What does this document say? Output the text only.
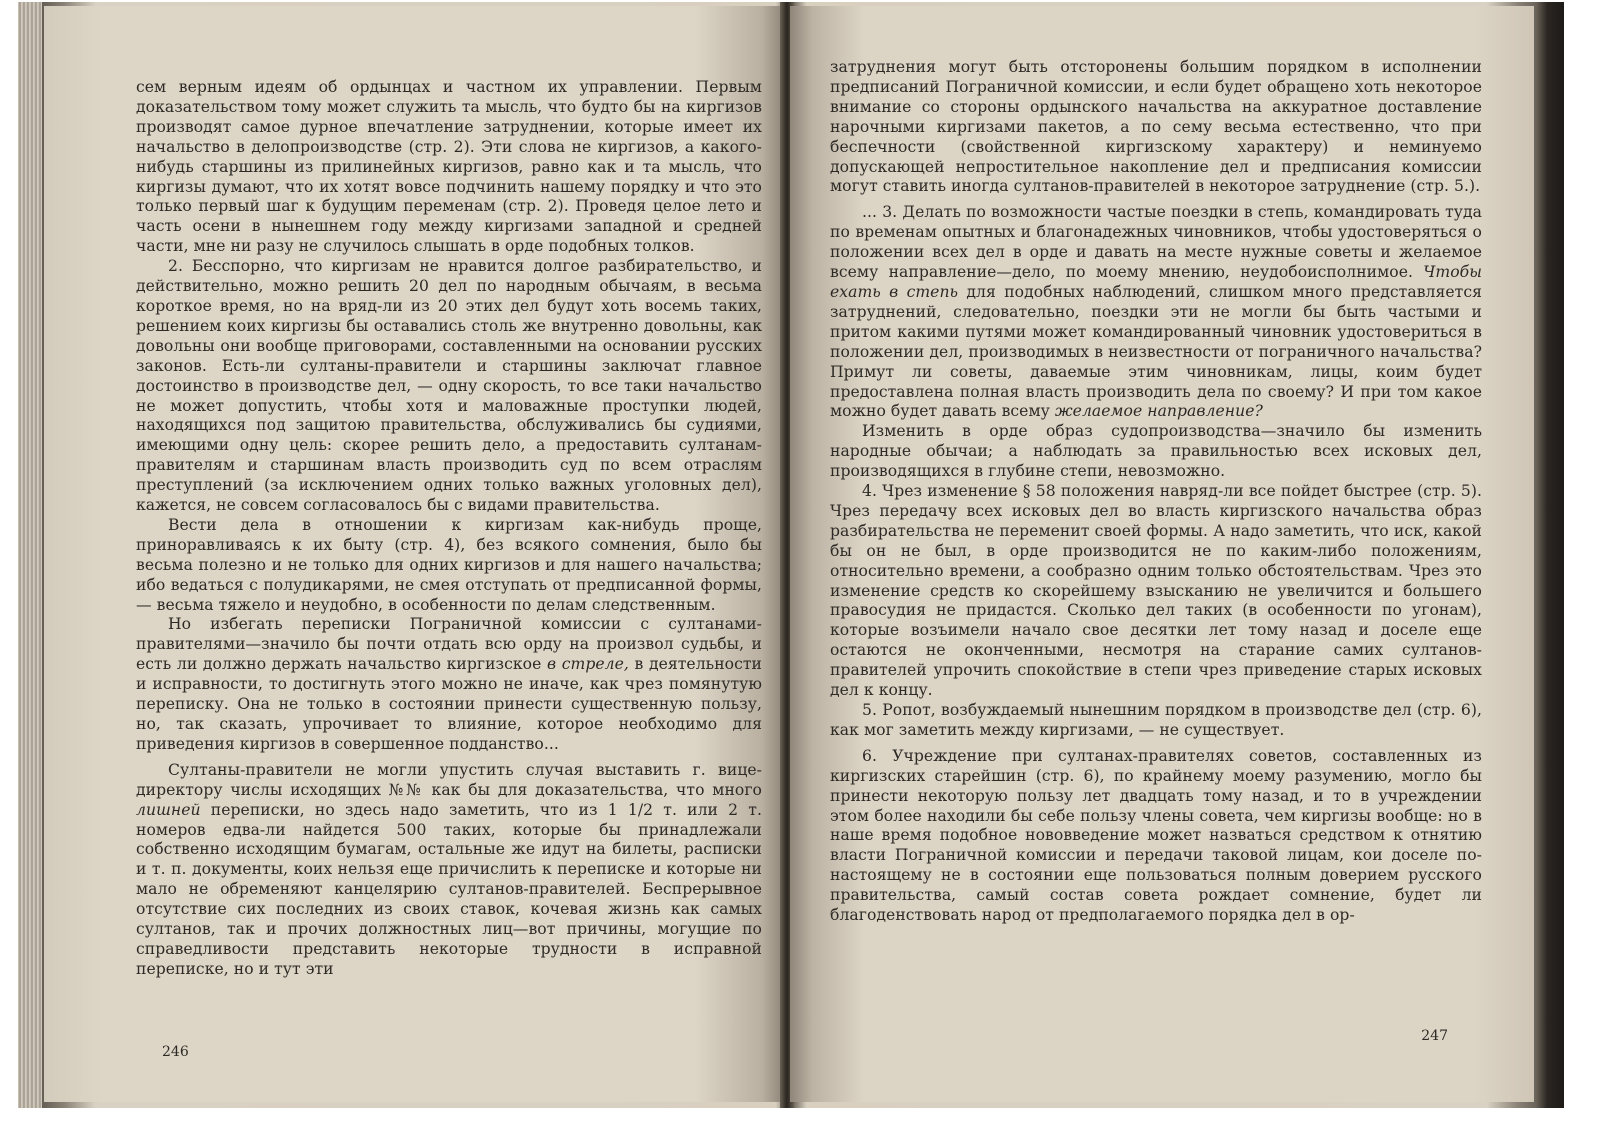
сем верным идеям об ордынцах и частном их управлении. Первым доказательством тому может служить та мысль, что будто бы на киргизов производят самое дурное впечатление затруднении, которые имеет их начальство в делопроизводстве (стр. 2). Эти слова не киргизов, а какого-нибудь старшины из прилинейных киргизов, равно как и та мысль, что киргизы думают, что их хотят вовсе подчинить нашему порядку и что это только первый шаг к будущим переменам (стр. 2). Проведя целое лето и часть осени в нынешнем году между киргизами западной и средней части, мне ни разу не случилось слышать в орде подобных толков.

2. Бесспорно, что киргизам не нравится долгое разбирательство, и действительно, можно решить 20 дел по народным обычаям, в весьма короткое время, но на вряд-ли из 20 этих дел будут хоть восемь таких, решением коих киргизы бы оставались столь же внутренно довольны, как довольны они вообще приговорами, составленными на основании русских законов. Есть-ли султаны-правители и старшины заключат главное достоинство в производстве дел, — одну скорость, то все таки начальство не может допустить, чтобы хотя и маловажные проступки людей, находящихся под защитою правительства, обслуживались бы судиями, имеющими одну цель: скорее решить дело, а предоставить султанам-правителям и старшинам власть производить суд по всем отраслям преступлений (за исключением одних только важных уголовных дел), кажется, не совсем согласовалось бы с видами правительства.

Вести дела в отношении к киргизам как-нибудь проще, приноравливаясь к их быту (стр. 4), без всякого сомнения, было бы весьма полезно и не только для одних киргизов и для нашего начальства; ибо ведаться с полудикарями, не смея отступать от предписанной формы, — весьма тяжело и неудобно, в особенности по делам следственным.

Но избегать переписки Пограничной комиссии с султанами-правителями—значило бы почти отдать всю орду на произвол судьбы, и есть ли должно держать начальство киргизское в стреле, в деятельности и исправности, то достигнуть этого можно не иначе, как чрез помянутую переписку. Она не только в состоянии принести существенную пользу, но, так сказать, упрочивает то влияние, которое необходимо для приведения киргизов в совершенное подданство...

Султаны-правители не могли упустить случая выставить г. вице-директору числы исходящих №№ как бы для доказательства, что много лишней переписки, но здесь надо заметить, что из 1 1/2 т. или 2 т. номеров едва-ли найдется 500 таких, которые бы принадлежали собственно исходящим бумагам, остальные же идут на билеты, расписки и т. п. документы, коих нельзя еще причислить к переписке и которые ни мало не обременяют канцелярию султанов-правителей. Беспрерывное отсутствие сих последних из своих ставок, кочевая жизнь как самых султанов, так и прочих должностных лиц—вот причины, могущие по справедливости представить некоторые трудности в исправной переписке, но и тут эти

246

затруднения могут быть отстоpонены большим порядком в исполнении предписаний Пограничной комиссии, и если будет обращено хоть некоторое внимание со стороны ордынского начальства на аккуратное доставление нарочными киргизами пакетов, а по сему весьма естественно, что при беспечности (свойственной киргизскому характеру) и неминуемо допускающей непростительное накопление дел и предписания комиссии могут ставить иногда султанов-правителей в некоторое затруднение (стр. 5.).

... 3. Делать по возможности частые поездки в степь, командировать туда по временам опытных и благонадежных чиновников, чтобы удостоверяться о положении всех дел в орде и давать на месте нужные советы и желаемое всему направление—дело, по моему мнению, неудобоисполнимое. Чтобы ехать в степь для подобных наблюдений, слишком много представляется затруднений, следовательно, поездки эти не могли бы быть частыми и притом какими путями может командированный чиновник удостовериться в положении дел, производимых в неизвестности от пограничного начальства? Примут ли советы, даваемые этим чиновникам, лицы, коим будет предоставлена полная власть производить дела по своему? И при том какое можно будет давать всему желаемое направление?

Изменить в орде образ судопроизводства—значило бы изменить народные обычаи; а наблюдать за правильностью всех исковых дел, производящихся в глубине степи, невозможно.

4. Чрез изменение § 58 положения навряд-ли все пойдет быстрее (стр. 5). Чрез передачу всех исковых дел во власть киргизского начальства образ разбирательства не переменит своей формы. А надо заметить, что иск, какой бы он не был, в орде производится не по каким-либо положениям, относительно времени, а сообразно одним только обстоятельствам. Чрез это изменение средств ко скорейшему взысканию не увеличится и большего правосудия не придастся. Сколько дел таких (в особенности по угонам), которые возъимели начало свое десятки лет тому назад и доселе еще остаются не оконченными, несмотря на старание самих султанов-правителей упрочить спокойствие в степи чрез приведение старых исковых дел к концу.

5. Ропот, возбуждаемый нынешним порядком в производстве дел (стр. 6), как мог заметить между киргизами, — не существует.

6. Учреждение при султанах-правителях советов, составленных из киргизских старейшин (стр. 6), по крайнему моему разумению, могло бы принести некоторую пользу лет двадцать тому назад, и то в учреждении этом более находили бы себе пользу члены совета, чем киргизы вообще: но в наше время подобное нововведение может назваться средством к отнятию власти Пограничной комиссии и передачи таковой лицам, кои доселе по-настоящему не в состоянии еще пользоваться полным доверием русского правительства, самый состав совета рождает сомнение, будет ли благоденствовать народ от предполагаемого порядка дел в ор-

247
